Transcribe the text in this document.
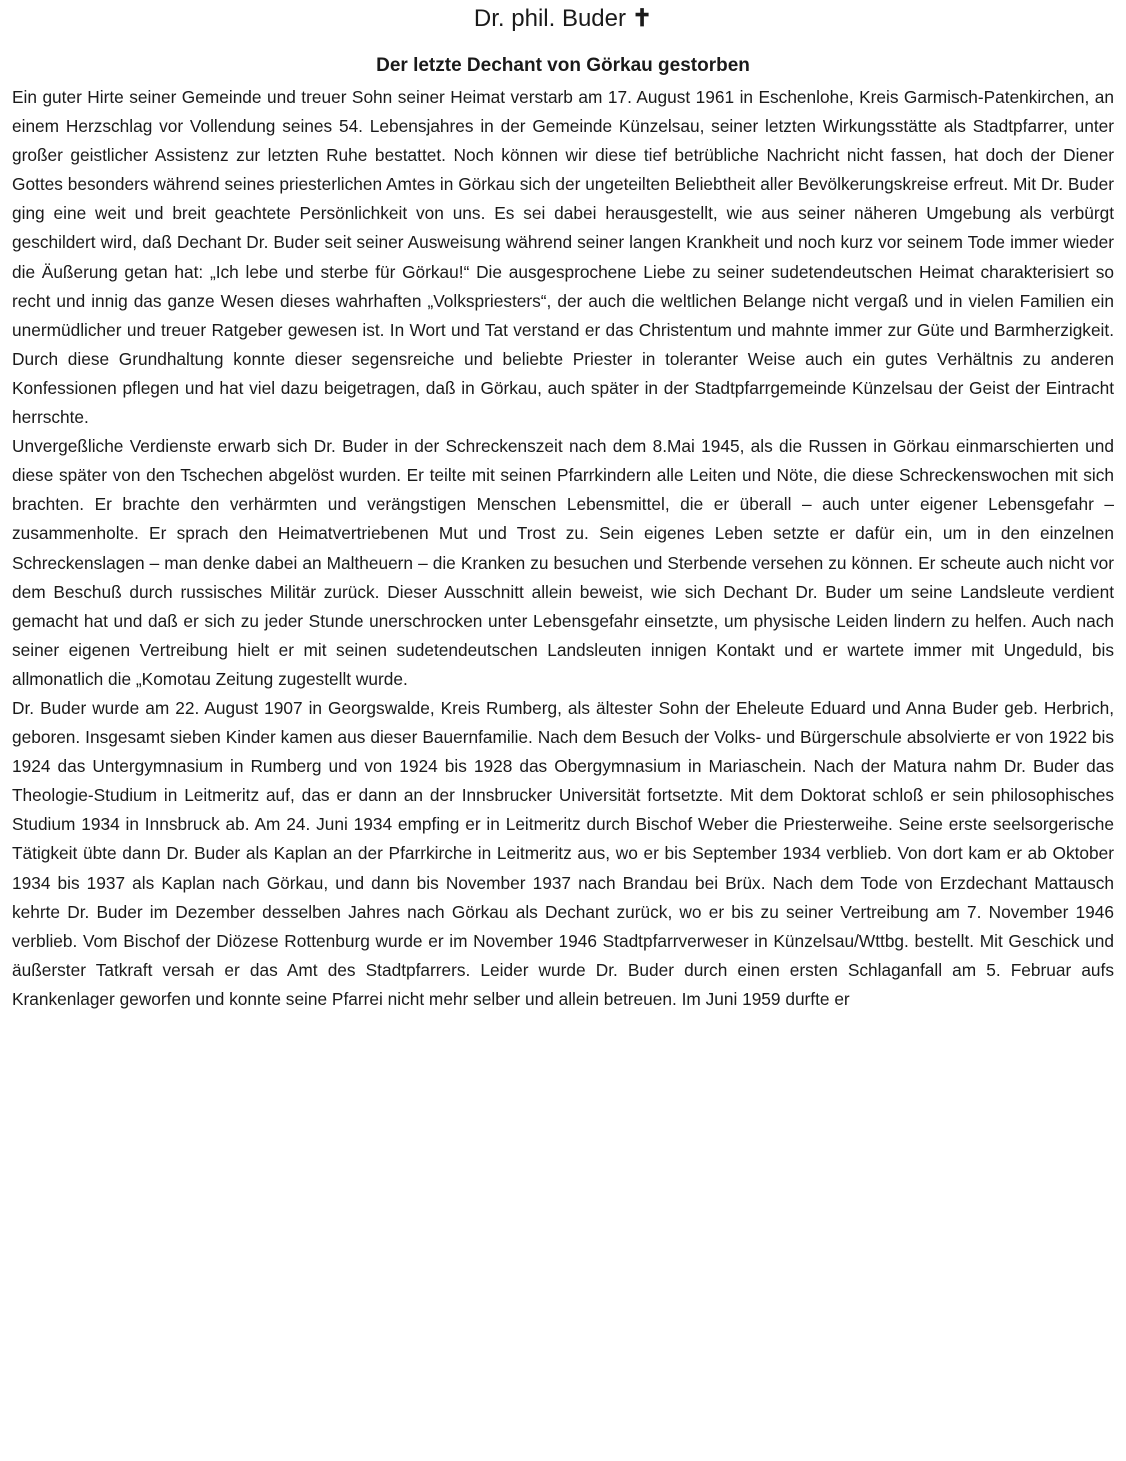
Dr. phil. Buder ✝
Der letzte Dechant von Görkau gestorben

Ein guter Hirte seiner Gemeinde und treuer Sohn seiner Heimat verstarb am 17. August 1961 in Eschenlohe, Kreis Garmisch-Patenkirchen, an einem Herzschlag vor Vollendung seines 54. Lebensjahres in der Gemeinde Künzelsau, seiner letzten Wirkungsstätte als Stadtpfarrer, unter großer geistlicher Assistenz zur letzten Ruhe bestattet. Noch können wir diese tief betrübliche Nachricht nicht fassen, hat doch der Diener Gottes besonders während seines priesterlichen Amtes in Görkau sich der ungeteilten Beliebtheit aller Bevölkerungskreise erfreut. Mit Dr. Buder ging eine weit und breit geachtete Persönlichkeit von uns. Es sei dabei herausgestellt, wie aus seiner näheren Umgebung als verbürgt geschildert wird, daß Dechant Dr. Buder seit seiner Ausweisung während seiner langen Krankheit und noch kurz vor seinem Tode immer wieder die Äußerung getan hat: „Ich lebe und sterbe für Görkau!“ Die ausgesprochene Liebe zu seiner sudetendeutschen Heimat charakterisiert so recht und innig das ganze Wesen dieses wahrhaften „Volkspriesters“, der auch die weltlichen Belange nicht vergaß und in vielen Familien ein unermüdlicher und treuer Ratgeber gewesen ist. In Wort und Tat verstand er das Christentum und mahnte immer zur Güte und Barmherzigkeit. Durch diese Grundhaltung konnte dieser segensreiche und beliebte Priester in toleranter Weise auch ein gutes Verhältnis zu anderen Konfessionen pflegen und hat viel dazu beigetragen, daß in Görkau, auch später in der Stadtpfarrgemeinde Künzelsau der Geist der Eintracht herrschte.

Unvergeßliche Verdienste erwarb sich Dr. Buder in der Schreckenszeit nach dem 8.Mai 1945, als die Russen in Görkau einmarschierten und diese später von den Tschechen abgelöst wurden. Er teilte mit seinen Pfarrkindern alle Leiten und Nöte, die diese Schreckenswochen mit sich brachten. Er brachte den verhärmten und verängstigen Menschen Lebensmittel, die er überall – auch unter eigener Lebensgefahr – zusammenholte. Er sprach den Heimatvertriebenen Mut und Trost zu. Sein eigenes Leben setzte er dafür ein, um in den einzelnen Schreckenslagen – man denke dabei an Maltheuern – die Kranken zu besuchen und Sterbende versehen zu können. Er scheute auch nicht vor dem Beschuß durch russisches Militär zurück. Dieser Ausschnitt allein beweist, wie sich Dechant Dr. Buder um seine Landsleute verdient gemacht hat und daß er sich zu jeder Stunde unerschrocken unter Lebensgefahr einsetzte, um physische Leiden lindern zu helfen. Auch nach seiner eigenen Vertreibung hielt er mit seinen sudetendeutschen Landsleuten innigen Kontakt und er wartete immer mit Ungeduld, bis allmonatlich die „Komotau Zeitung zugestellt wurde.

Dr. Buder wurde am 22. August 1907 in Georgswalde, Kreis Rumberg, als ältester Sohn der Eheleute Eduard und Anna Buder geb. Herbrich, geboren. Insgesamt sieben Kinder kamen aus dieser Bauernfamilie. Nach dem Besuch der Volks- und Bürgerschule absolvierte er von 1922 bis 1924 das Untergymnasium in Rumberg und von 1924 bis 1928 das Obergymnasium in Mariaschein. Nach der Matura nahm Dr. Buder das Theologie-Studium in Leitmeritz auf, das er dann an der Innsbrucker Universität fortsetzte. Mit dem Doktorat schloß er sein philosophisches Studium 1934 in Innsbruck ab. Am 24. Juni 1934 empfing er in Leitmeritz durch Bischof Weber die Priesterweihe. Seine erste seelsorgerische Tätigkeit übte dann Dr. Buder als Kaplan an der Pfarrkirche in Leitmeritz aus, wo er bis September 1934 verblieb. Von dort kam er ab Oktober 1934 bis 1937 als Kaplan nach Görkau, und dann bis November 1937 nach Brandau bei Brüx. Nach dem Tode von Erzdechant Mattausch kehrte Dr. Buder im Dezember desselben Jahres nach Görkau als Dechant zurück, wo er bis zu seiner Vertreibung am 7. November 1946 verblieb. Vom Bischof der Diözese Rottenburg wurde er im November 1946 Stadtpfarrverweser in Künzelsau/Wttbg. bestellt. Mit Geschick und äußerster Tatkraft versah er das Amt des Stadtpfarrers. Leider wurde Dr. Buder durch einen ersten Schlaganfall am 5. Februar aufs Krankenlager geworfen und konnte seine Pfarrei nicht mehr selber und allein betreuen. Im Juni 1959 durfte er
